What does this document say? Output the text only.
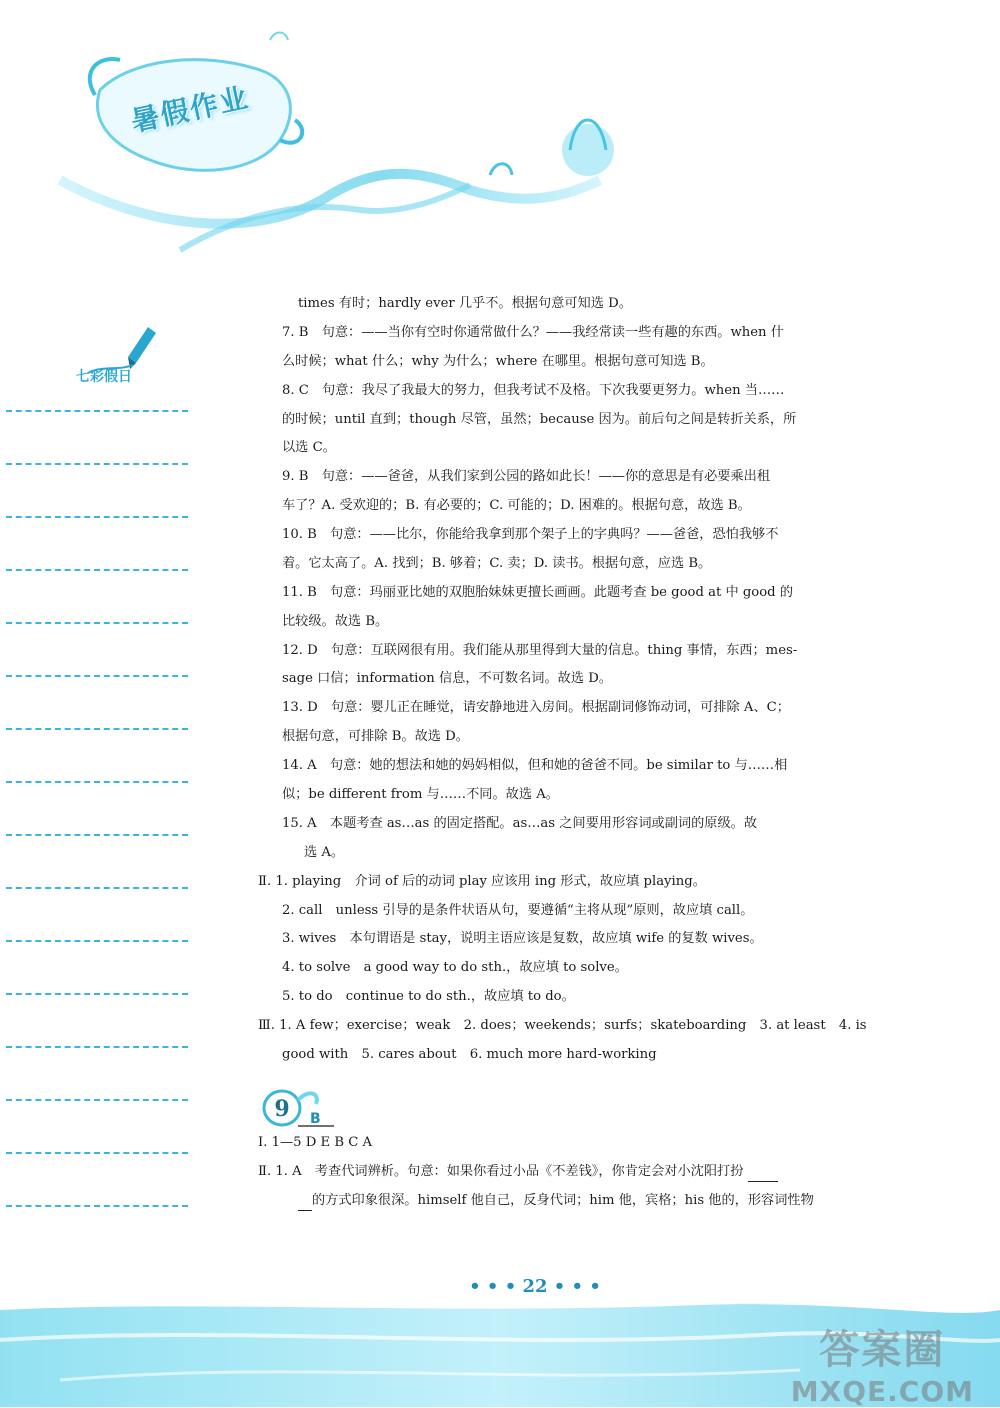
暑假作业
七彩假日
times 有时；hardly ever 几乎不。根据句意可知选 D。
7. B　句意：——当你有空时你通常做什么？——我经常读一些有趣的东西。when 什
么时候；what 什么；why 为什么；where 在哪里。根据句意可知选 B。
8. C　句意：我尽了我最大的努力，但我考试不及格。下次我要更努力。when 当……
的时候；until 直到；though 尽管，虽然；because 因为。前后句之间是转折关系，所
以选 C。
9. B　句意：——爸爸，从我们家到公园的路如此长！——你的意思是有必要乘出租
车了？A. 受欢迎的；B. 有必要的；C. 可能的；D. 困难的。根据句意，故选 B。
10. B　句意：——比尔，你能给我拿到那个架子上的字典吗？——爸爸，恐怕我够不
着。它太高了。A. 找到；B. 够着；C. 卖；D. 读书。根据句意，应选 B。
11. B　句意：玛丽亚比她的双胞胎妹妹更擅长画画。此题考查 be good at 中 good 的
比较级。故选 B。
12. D　句意：互联网很有用。我们能从那里得到大量的信息。thing 事情，东西；mes-
sage 口信；information 信息，不可数名词。故选 D。
13. D　句意：婴儿正在睡觉，请安静地进入房间。根据副词修饰动词，可排除 A、C；
根据句意，可排除 B。故选 D。
14. A　句意：她的想法和她的妈妈相似，但和她的爸爸不同。be similar to 与……相
似；be different from 与……不同。故选 A。
15. A　本题考查 as…as 的固定搭配。as…as 之间要用形容词或副词的原级。故
选 A。
Ⅱ. 1. playing　介词 of 后的动词 play 应该用 ing 形式，故应填 playing。
2. call　unless 引导的是条件状语从句，要遵循“主将从现”原则，故应填 call。
3. wives　本句谓语是 stay，说明主语应该是复数，故应填 wife 的复数 wives。
4. to solve　a good way to do sth.，故应填 to solve。
5. to do　continue to do sth.，故应填 to do。
Ⅲ. 1. A few；exercise；weak　2. does；weekends；surfs；skateboarding　3. at least　4. is
good with　5. cares about　6. much more hard-working
9 B
Ⅰ. 1—5 D E B C A
Ⅱ. 1. A　考查代词辨析。句意：如果你看过小品《不差钱》，你肯定会对小沈阳打扮
的方式印象很深。himself 他自己，反身代词；him 他，宾格；his 他的，形容词性物
• • • 22 • • •
答案圈
MXQE.COM
